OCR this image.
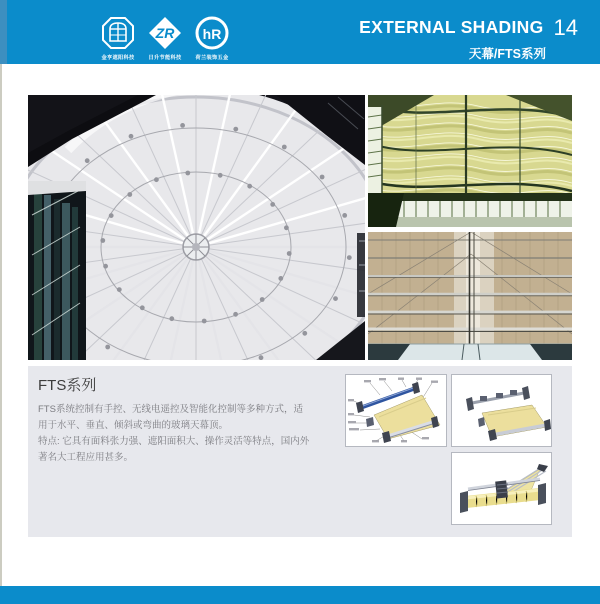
金亨遮阳科技
ZR
日升节能科技
hR
荷兰装饰五金
EXTERNAL SHADING 14
天幕/FTS系列
FTS系列
FTS系统控制有手控、无线电遥控及智能化控制等多种方式，适
用于水平、垂直、倾斜或弯曲的玻璃天幕顶。
特点: 它具有面料张力强、遮阳面积大、操作灵活等特点，国内外
著名大工程应用甚多。
